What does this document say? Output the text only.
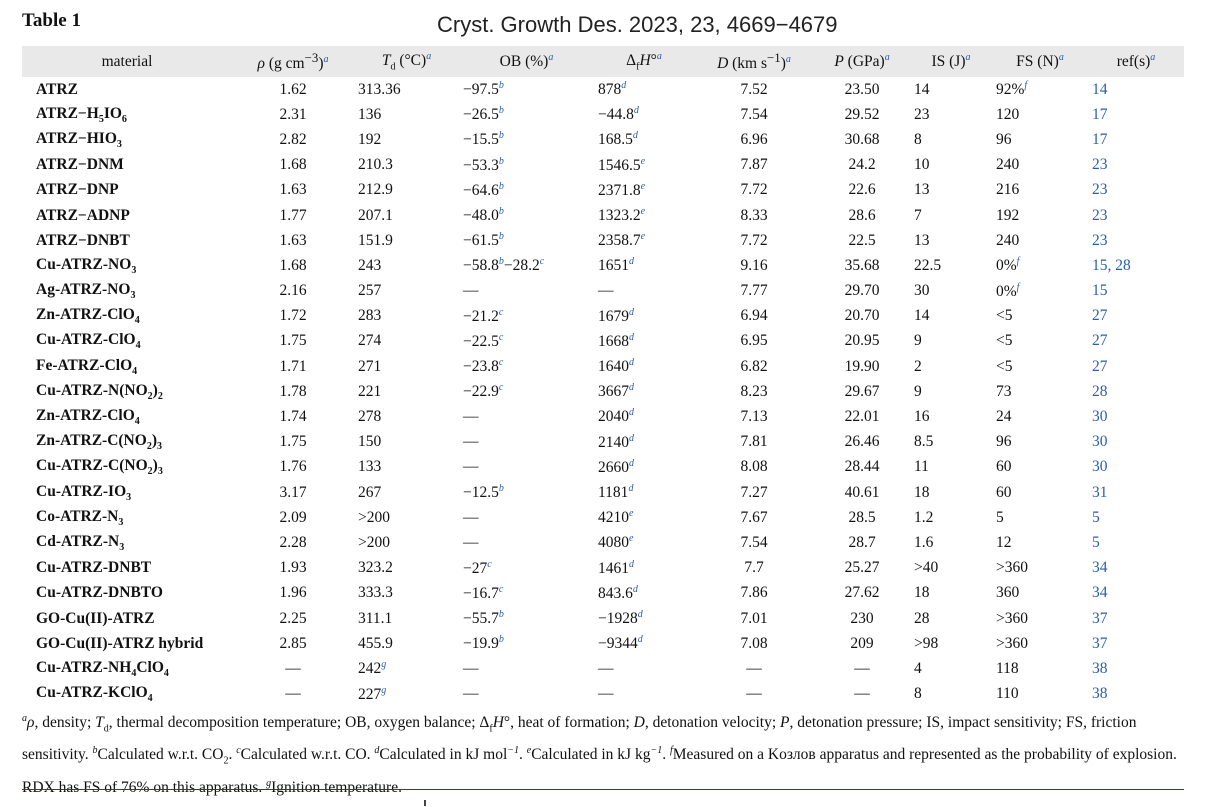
Table 1	Cryst. Growth Des. 2023, 23, 4669−4679
material	ρ (g $cm^{-3})^a$	$T_d$ (°C)$^a$	OB (%)$^a$	$\Delta_fH^\circ^a$	D (km $s^{-1})^a$	P (GPa)$^a$	IS (J)$^a$	FS (N)$^a$	ref(s)$^a$
ATRZ	1.62	313.36	−97.5$^b$	878$^d$	7.52	23.50	14	92%$^f$	14
$ATRZ-H_5IO_6$	2.31	136	−26.5$^b$	−44.8$^d$	7.54	29.52	23	120	17
$ATRZ-HIO_3$	2.82	192	−15.5$^b$	168.5$^d$	6.96	30.68	8	96	17
ATRZ−DNM	1.68	210.3	−53.3$^b$	1546.5e	7.87	24.2	10	240	23
ATRZ−DNP	1.63	212.9	−64.6$^b$	2371.8e	7.72	22.6	13	216	23
ATRZ−ADNP	1.77	207.1	−48.0$^b$	1323.2e	8.33	28.6	7	192	23
ATRZ−DNBT	1.63	151.9	−61.5$^b$	2358.7e	7.72	22.5	13	240	23
$Cu-ATRZ-NO_3$	1.68	243	−58.8$^b$−28.2$^c$	1651$^d$	9.16	35.68	22.5	0%$^f$	15, 28
$Ag-ATRZ-NO_3$	2.16	257	—	—	7.77	29.70	30	0%$^f$	15
Zn-ATRZ-ClO$_4$	1.72	283	−21.2$^c$	1679$^d$	6.94	20.70	14	<5	27
Cu-ATRZ-ClO$_4$	1.75	274	−22.5$^c$	1668$^d$	6.95	20.95	9	<5	27
Fe-ATRZ-ClO$_4$	1.71	271	−23.8$^c$	1640$^d$	6.82	19.90	2	<5	27
$Cu-ATRZ-N(NO_2)_2$	1.78	221	−22.9$^c$	3667$^d$	8.23	29.67	9	73	28
Zn-ATRZ-ClO$_4$	1.74	278	—	2040$^d$	7.13	22.01	16	24	30
$Zn-ATRZ-C(NO_2)_3$	1.75	150	—	2140$^d$	7.81	26.46	8.5	96	30
$Cu-ATRZ-C(NO_2)_3$	1.76	133	—	2660$^d$	8.08	28.44	11	60	30
$Cu-ATRZ-IO_3$	3.17	267	−12.5$^b$	1181$^d$	7.27	40.61	18	60	31
$Co-ATRZ-N_3$	2.09	>200	—	4210e	7.67	28.5	1.2	5	5
$Cd-ATRZ-N_3$	2.28	>200	—	4080e	7.54	28.7	1.6	12	5
Cu-ATRZ-DNBT	1.93	323.2	−27$^c$	1461$^d$	7.7	25.27	>40	>360	34
Cu-ATRZ-DNBTO	1.96	333.3	−16.7$^c$	843.6$^d$	7.86	27.62	18	360	34
GO-Cu(II)-ATRZ	2.25	311.1	−55.7$^b$	−1928$^d$	7.01	230	28	>360	37
GO-Cu(II)-ATRZ hybrid	2.85	455.9	−19.9$^b$	−9344$^d$	7.08	209	>98	>360	37
$Cu-ATRZ-NH_4ClO_4$	—	242$^g$	—	—	—	—	4	118	38
Cu-ATRZ-KClO$_4$	—	227$^g$	—	—	—	—	8	110	38
$^a$ρ, density; $T_d$, thermal decomposition temperature; OB, oxygen balance; $\Delta_fH^\circ$, heat of formation; D, detonation velocity; P, detonation pressure; IS, impact sensitivity; FS, friction sensitivity. $^b$Calculated w.r.t. $CO_2$. $^c$Calculated w.r.t. CO. $^d$Calculated in kJ mol$^{-1}$. $^e$Calculated in kJ $kg^{-1}$. $^f$Measured on a Kозлов apparatus and represented as the probability of explosion. RDX has FS of 76% on this apparatus. $^g$Ignition temperature.
